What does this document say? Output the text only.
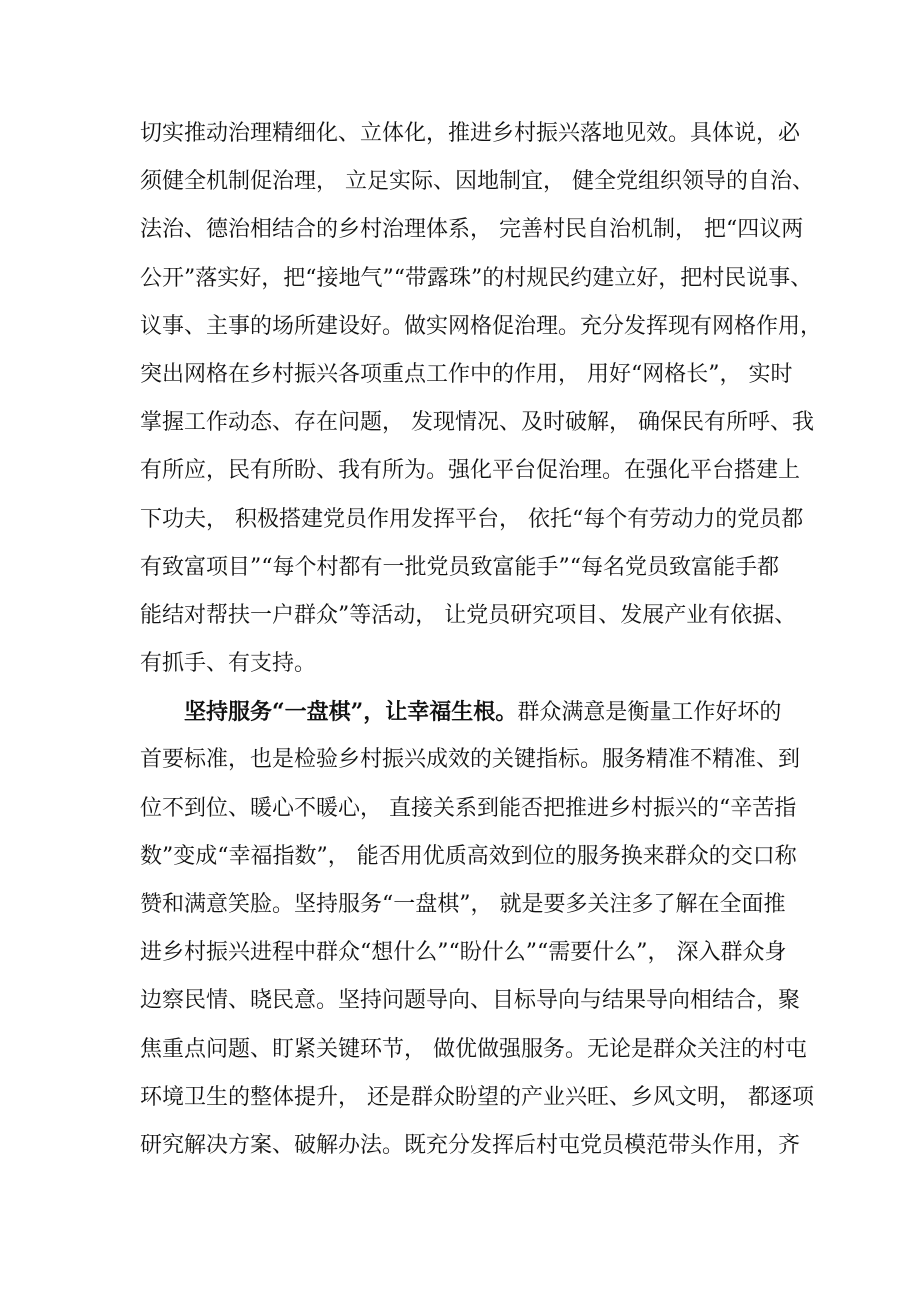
切实推动治理精细化、立体化，推进乡村振兴落地见效。具体说，必
须健全机制促治理， 立足实际、因地制宜， 健全党组织领导的自治、
法治、德治相结合的乡村治理体系， 完善村民自治机制， 把“四议两
公开”落实好，把“接地气”“带露珠”的村规民约建立好，把村民说事、
议事、主事的场所建设好。做实网格促治理。充分发挥现有网格作用，
突出网格在乡村振兴各项重点工作中的作用， 用好“网格长”， 实时
掌握工作动态、存在问题， 发现情况、及时破解， 确保民有所呼、我
有所应，民有所盼、我有所为。强化平台促治理。在强化平台搭建上
下功夫， 积极搭建党员作用发挥平台， 依托“每个有劳动力的党员都
有致富项目”“每个村都有一批党员致富能手”“每名党员致富能手都
能结对帮扶一户群众”等活动， 让党员研究项目、发展产业有依据、
有抓手、有支持。
坚持服务“一盘棋”，让幸福生根。群众满意是衡量工作好坏的
首要标准，也是检验乡村振兴成效的关键指标。服务精准不精准、到
位不到位、暖心不暖心， 直接关系到能否把推进乡村振兴的“辛苦指
数”变成“幸福指数”， 能否用优质高效到位的服务换来群众的交口称
赞和满意笑脸。坚持服务“一盘棋”， 就是要多关注多了解在全面推
进乡村振兴进程中群众“想什么”“盼什么”“需要什么”， 深入群众身
边察民情、晓民意。坚持问题导向、目标导向与结果导向相结合，聚
焦重点问题、盯紧关键环节， 做优做强服务。无论是群众关注的村屯
环境卫生的整体提升， 还是群众盼望的产业兴旺、乡风文明， 都逐项
研究解决方案、破解办法。既充分发挥后村屯党员模范带头作用，齐
